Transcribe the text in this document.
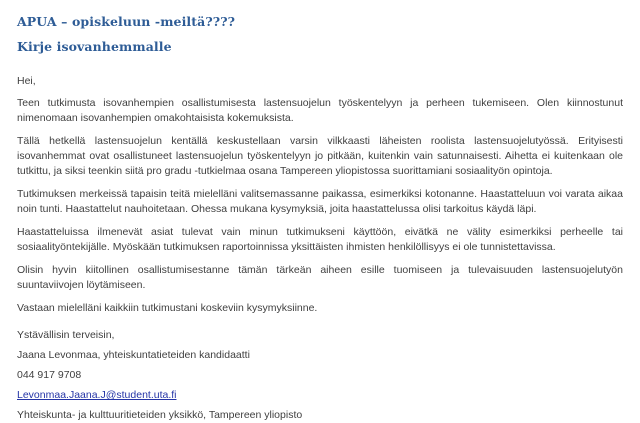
APUA – opiskeluun -meiltä????
Kirje isovanhemmalle

Hei,

Teen tutkimusta isovanhempien osallistumisesta lastensuojelun työskentelyyn ja perheen tukemiseen. Olen kiinnostunut nimenomaan isovanhempien omakohtaisista kokemuksista.

Tällä hetkellä lastensuojelun kentällä keskustellaan varsin vilkkaasti läheisten roolista lastensuojelutyössä. Erityisesti isovanhemmat ovat osallistuneet lastensuojelun työskentelyyn jo pitkään, kuitenkin vain satunnaisesti. Aihetta ei kuitenkaan ole tutkittu, ja siksi teenkin siitä pro gradu -tutkielmaa osana Tampereen yliopistossa suorittamiani sosiaalityön opintoja.

Tutkimuksen merkeissä tapaisin teitä mielelläni valitsemassanne paikassa, esimerkiksi kotonanne. Haastatteluun voi varata aikaa noin tunti. Haastattelut nauhoitetaan. Ohessa mukana kysymyksiä, joita haastattelussa olisi tarkoitus käydä läpi.

Haastatteluissa ilmenevät asiat tulevat vain minun tutkimukseni käyttöön, eivätkä ne välity esimerkiksi perheelle tai sosiaalityöntekijälle. Myöskään tutkimuksen raportoinnissa yksittäisten ihmisten henkilöllisyys ei ole tunnistettavissa.

Olisin hyvin kiitollinen osallistumisestanne tämän tärkeän aiheen esille tuomiseen ja tulevaisuuden lastensuojelutyön suuntaviivojen löytämiseen.

Vastaan mielelläni kaikkiin tutkimustani koskeviin kysymyksiinne.

Ystävällisin terveisin,

Jaana Levonmaa, yhteiskuntatieteiden kandidaatti

044 917 9708

Levonmaa.Jaana.J@student.uta.fi

Yhteiskunta- ja kulttuuritieteiden yksikkö, Tampereen yliopisto
